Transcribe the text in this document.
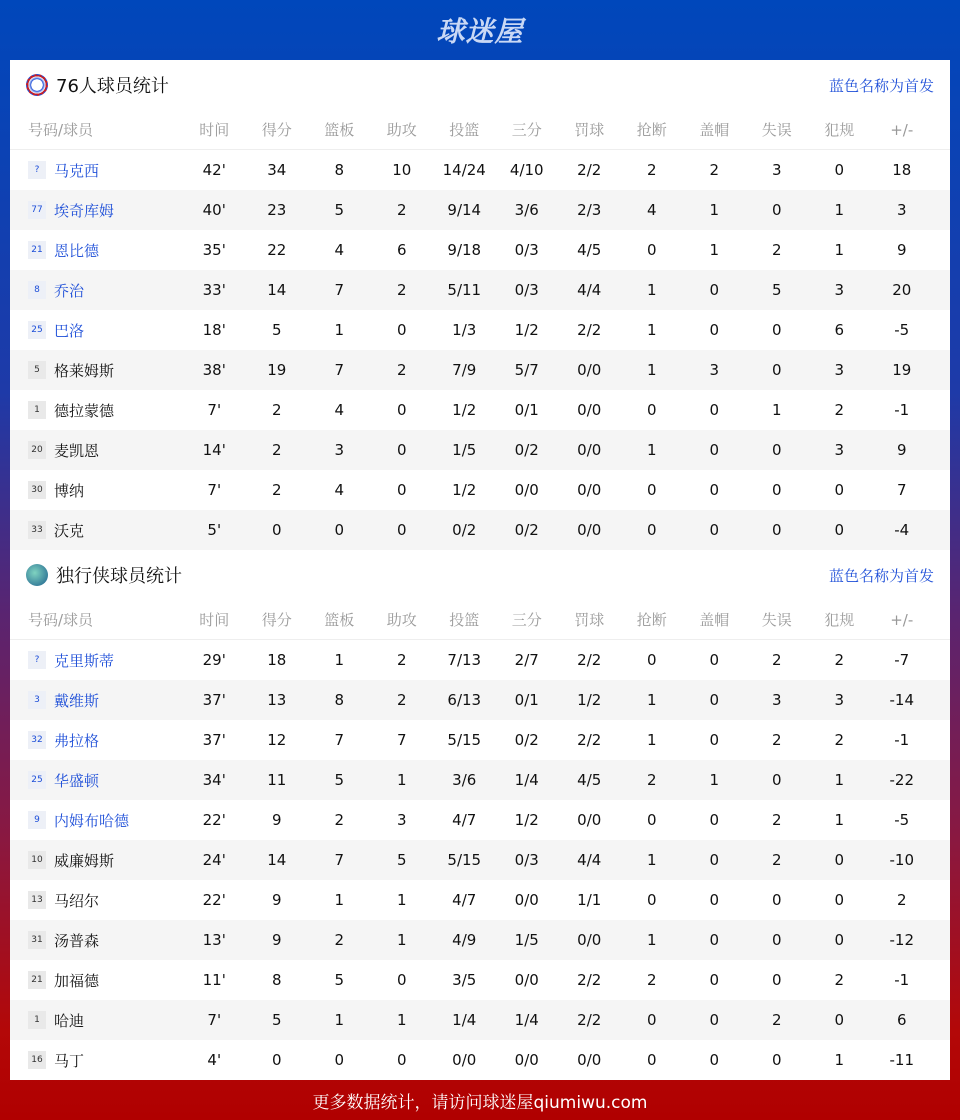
球迷屋
76人球员统计	蓝色名称为首发
号码/球员	时间	得分	篮板	助攻	投篮	三分	罚球	抢断	盖帽	失误	犯规	+/-
? 马克西	42'	34	8	10	14/24	4/10	2/2	2	2	3	0	18
77 埃奇库姆	40'	23	5	2	9/14	3/6	2/3	4	1	0	1	3
21 恩比德	35'	22	4	6	9/18	0/3	4/5	0	1	2	1	9
8 乔治	33'	14	7	2	5/11	0/3	4/4	1	0	5	3	20
25 巴洛	18'	5	1	0	1/3	1/2	2/2	1	0	0	6	-5
5 格莱姆斯	38'	19	7	2	7/9	5/7	0/0	1	3	0	3	19
1 德拉蒙德	7'	2	4	0	1/2	0/1	0/0	0	0	1	2	-1
20 麦凯恩	14'	2	3	0	1/5	0/2	0/0	1	0	0	3	9
30 博纳	7'	2	4	0	1/2	0/0	0/0	0	0	0	0	7
33 沃克	5'	0	0	0	0/2	0/2	0/0	0	0	0	0	-4
独行侠球员统计	蓝色名称为首发
号码/球员	时间	得分	篮板	助攻	投篮	三分	罚球	抢断	盖帽	失误	犯规	+/-
? 克里斯蒂	29'	18	1	2	7/13	2/7	2/2	0	0	2	2	-7
3 戴维斯	37'	13	8	2	6/13	0/1	1/2	1	0	3	3	-14
32 弗拉格	37'	12	7	7	5/15	0/2	2/2	1	0	2	2	-1
25 华盛顿	34'	11	5	1	3/6	1/4	4/5	2	1	0	1	-22
9 内姆布哈德	22'	9	2	3	4/7	1/2	0/0	0	0	2	1	-5
10 威廉姆斯	24'	14	7	5	5/15	0/3	4/4	1	0	2	0	-10
13 马绍尔	22'	9	1	1	4/7	0/0	1/1	0	0	0	0	2
31 汤普森	13'	9	2	1	4/9	1/5	0/0	1	0	0	0	-12
21 加福德	11'	8	5	0	3/5	0/0	2/2	2	0	0	2	-1
1 哈迪	7'	5	1	1	1/4	1/4	2/2	0	0	2	0	6
16 马丁	4'	0	0	0	0/0	0/0	0/0	0	0	0	1	-11
更多数据统计，请访问球迷屋qiumiwu.com
